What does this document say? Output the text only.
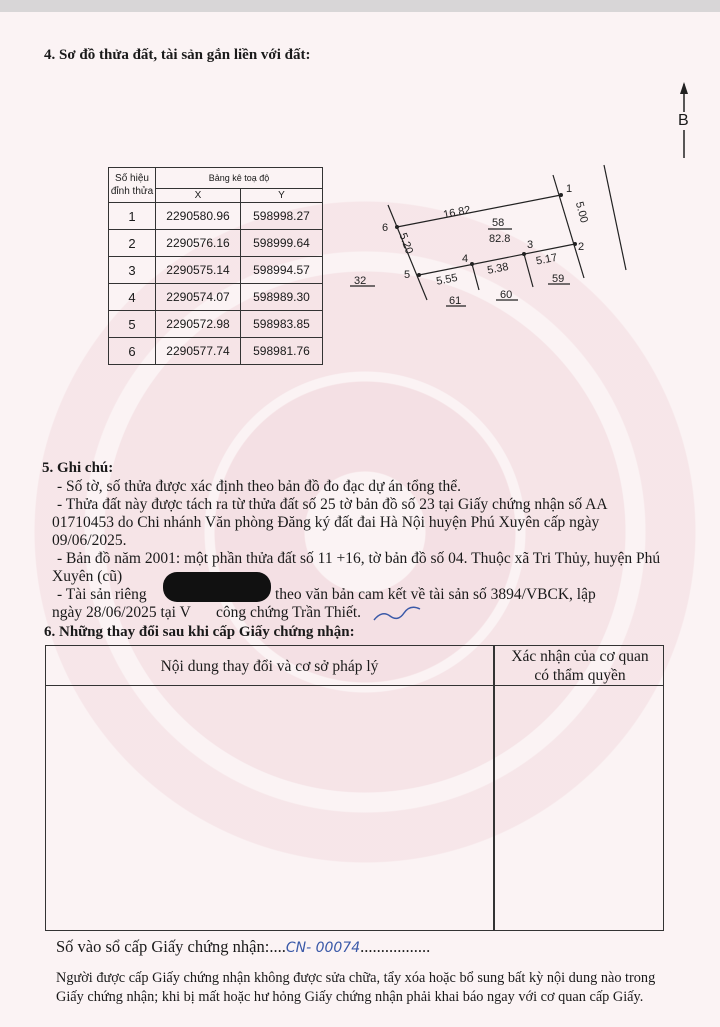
4. Sơ đồ thửa đất, tài sản gắn liền với đất:
B
Số hiệu đỉnh thửa	Bảng kê toạ độ	
	X	Y
1	2290580.96	598998.27
2	2290576.16	598999.64
3	2290575.14	598994.57
4	2290574.07	598989.30
5	2290572.98	598983.85
6	2290577.74	598981.76
1
2
3
4
5
6
16.82	5.00
5.17
5.38
5.55
5.20
58
82.8
32
61	60
59
5. Ghi chú:
- Số tờ, số thửa được xác định theo bản đồ đo đạc dự án tổng thể.
- Thửa đất này được tách ra từ thửa đất số 25 tờ bản đồ số 23 tại Giấy chứng nhận số AA
01710453 do Chi nhánh Văn phòng Đăng ký đất đai Hà Nội huyện Phú Xuyên cấp ngày
09/06/2025.
- Bản đồ năm 2001: một phần thửa đất số 11 +16, tờ bản đồ số 04. Thuộc xã Tri Thủy, huyện Phú
Xuyên (cũ)
- Tài sản riêng	theo văn bản cam kết về tài sản số 3894/VBCK, lập
ngày 28/06/2025 tại V công chứng Trần Thiết.
6. Những thay đổi sau khi cấp Giấy chứng nhận:
Nội dung thay đổi và cơ sở pháp lý
Xác nhận của cơ quan
có thẩm quyền
Số vào sổ cấp Giấy chứng nhận:....CN- 00074.................
Người được cấp Giấy chứng nhận không được sửa chữa, tẩy xóa hoặc bổ sung bất kỳ nội dung nào trong
Giấy chứng nhận; khi bị mất hoặc hư hỏng Giấy chứng nhận phải khai báo ngay với cơ quan cấp Giấy.
